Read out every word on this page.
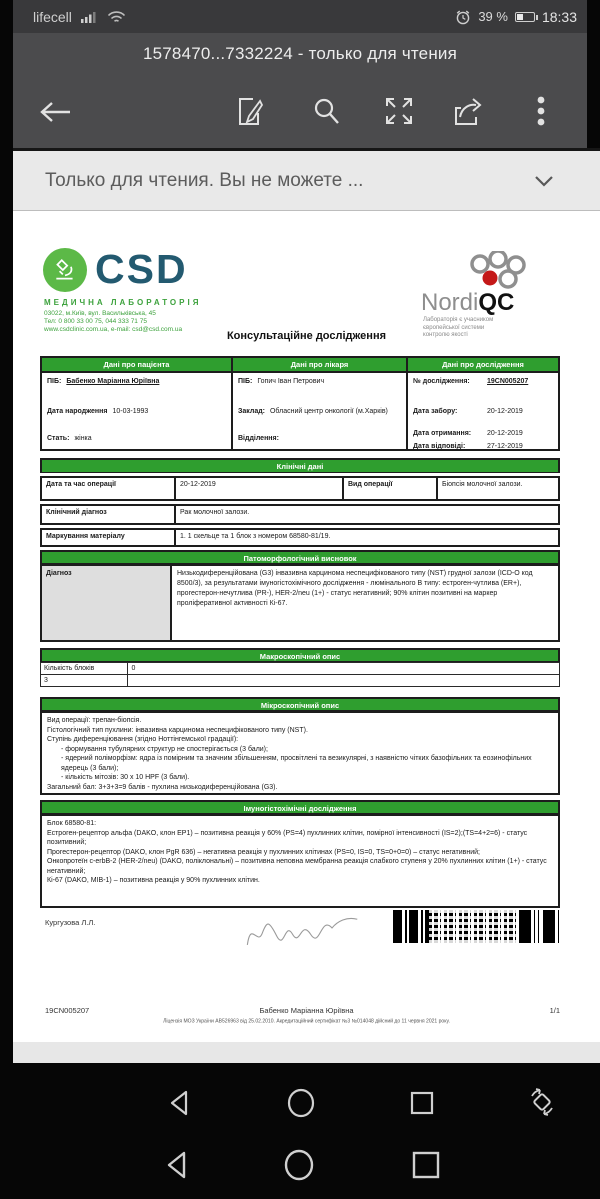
lifecell	39 % 18:33
1578470...7332224 - только для чтения
Только для чтения. Вы не можете ...
CSD
МЕДИЧНА ЛАБОРАТОРІЯ
03022, м.Київ, вул. Васильківська, 45
Тел: 0 800 33 00 75, 044 333 71 75
www.csdclinic.com.ua, e-mail: csd@csd.com.ua
NordiQC
Лабораторія є учасником
європейської системи
контролю якості
Консультаційне дослідження
Дані про пацієнта
ПІБ: Бабенко Маріанна Юріївна
Дата народження 10-03-1993
Стать: жінка
Дані про лікаря
ПІБ: Гопич Іван Петрович
Заклад: Обласний центр онкології (м.Харків)
Відділення:
Дані про дослідження
№ дослідження:	19CN005207
Дата забору:	20-12-2019
Дата отримання:	20-12-2019
Дата відповіді:	27-12-2019
Клінічні дані
Дата та час операції	20-12-2019	Вид операції	Біопсія молочної залози.
Клінічний діагноз	Рак молочної залози.
Маркування матеріалу	1. 1 скельце та 1 блок з номером 68580-81/19.
Патоморфологічний висновок
Діагноз	Низькодиференційована (G3) інвазивна карцинома неспецифікованого типу (NST) грудної залози (ICD-O код 8500/3), за результатами імуногістохімічного дослідження - люмінального В типу: естроген-чутлива (ER+), прогестерон-нечутлива (PR-), HER-2/neu (1+) - статус негативний; 90% клітин позитивні на маркер проліферативної активності Кі-67.
Макроскопічний опис
Кількість блоків	0
3
Мікроскопічний опис
Вид операції: трепан-біопсія.
Гістологічний тип пухлини: інвазивна карцинома неспецифікованого типу (NST).
Ступінь диференціювання (згідно Ноттінгемської градації):
- формування тубулярних структур не спостерігається (3 бали);
- ядерний поліморфізм: ядра із помірним та значним збільшенням, просвітлені та везикулярні, з наявністю чітких базофільних та еозинофільних ядерець (3 бали);
- кількість мітозів: 30 х 10 HPF (3 бали).
Загальний бал: 3+3+3=9 балів - пухлина низькодиференційована (G3).
Імуногістохімічні дослідження
Блок 68580-81:
Естроген-рецептор альфа (DAKO, клон EP1) – позитивна реакція у 60% (PS=4) пухлинних клітин, помірної інтенсивності (IS=2);(TS=4+2=6) - статус позитивний;
Прогестерон-рецептор (DAKO, клон PgR 636) – негативна реакція у пухлинних клітинах (PS=0, IS=0, TS=0+0=0) – статус негативний;
Онкопротеїн c-erbB-2 (HER-2/neu) (DAKO, поліклональні) – позитивна неповна мембранна реакція слабкого ступеня у 20% пухлинних клітин (1+) - статус негативний;
Кі-67 (DAKO, MIB-1) – позитивна реакція у 90% пухлинних клітин.
Кургузова Л.Л.
19CN005207	Бабенко Маріанна Юріївна	1/1
Ліцензія МОЗ України АВ526963 від 25.02.2010. Акредитаційний сертифікат №3 №014048 дійсний до 11 червня 2021 року.
